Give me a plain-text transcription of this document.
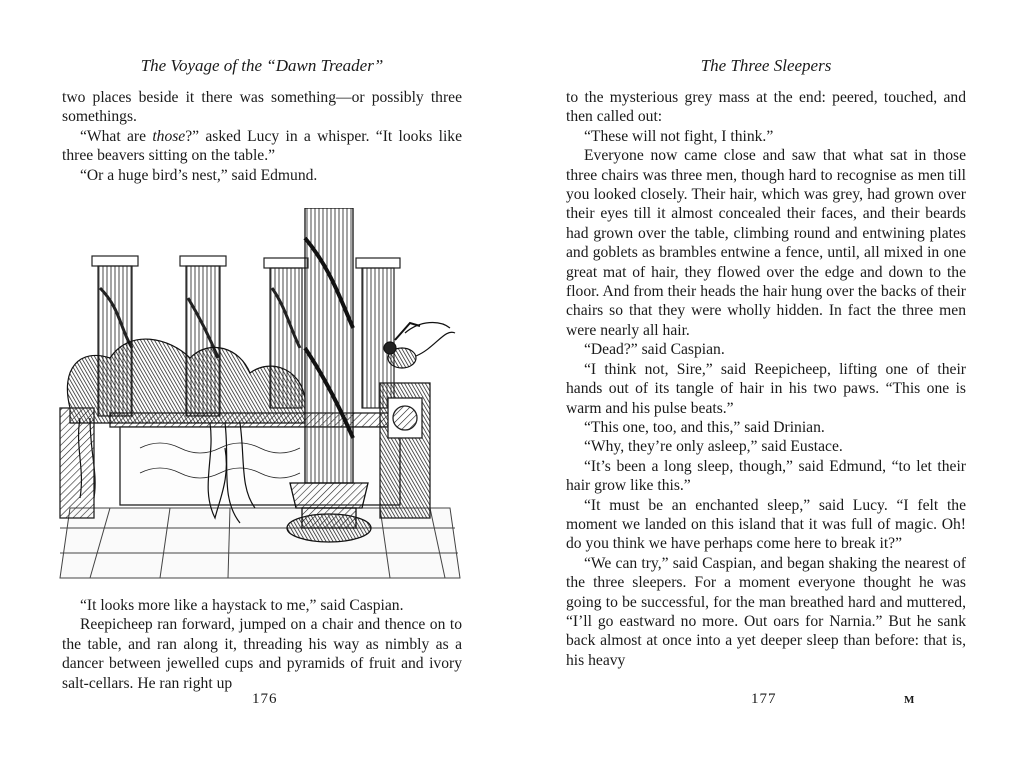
The Voyage of the “Dawn Treader”

two places beside it there was something—or possibly three somethings.

“What are those?” asked Lucy in a whisper. “It looks like three beavers sitting on the table.”

“Or a huge bird’s nest,” said Edmund.

“It looks more like a haystack to me,” said Caspian.

Reepicheep ran forward, jumped on a chair and thence on to the table, and ran along it, threading his way as nimbly as a dancer between jewelled cups and pyramids of fruit and ivory salt-cellars. He ran right up

176
The Three Sleepers

to the mysterious grey mass at the end: peered, touched, and then called out:

“These will not fight, I think.”

Everyone now came close and saw that what sat in those three chairs was three men, though hard to recognise as men till you looked closely. Their hair, which was grey, had grown over their eyes till it almost concealed their faces, and their beards had grown over the table, climbing round and entwining plates and goblets as brambles entwine a fence, until, all mixed in one great mat of hair, they flowed over the edge and down to the floor. And from their heads the hair hung over the backs of their chairs so that they were wholly hidden. In fact the three men were nearly all hair.

“Dead?” said Caspian.

“I think not, Sire,” said Reepicheep, lifting one of their hands out of its tangle of hair in his two paws. “This one is warm and his pulse beats.”

“This one, too, and this,” said Drinian.

“Why, they’re only asleep,” said Eustace.

“It’s been a long sleep, though,” said Edmund, “to let their hair grow like this.”

“It must be an enchanted sleep,” said Lucy. “I felt the moment we landed on this island that it was full of magic. Oh! do you think we have perhaps come here to break it?”

“We can try,” said Caspian, and began shaking the nearest of the three sleepers. For a moment everyone thought he was going to be successful, for the man breathed hard and muttered, “I’ll go eastward no more. Out oars for Narnia.” But he sank back almost at once into a yet deeper sleep than before: that is, his heavy

177	M
